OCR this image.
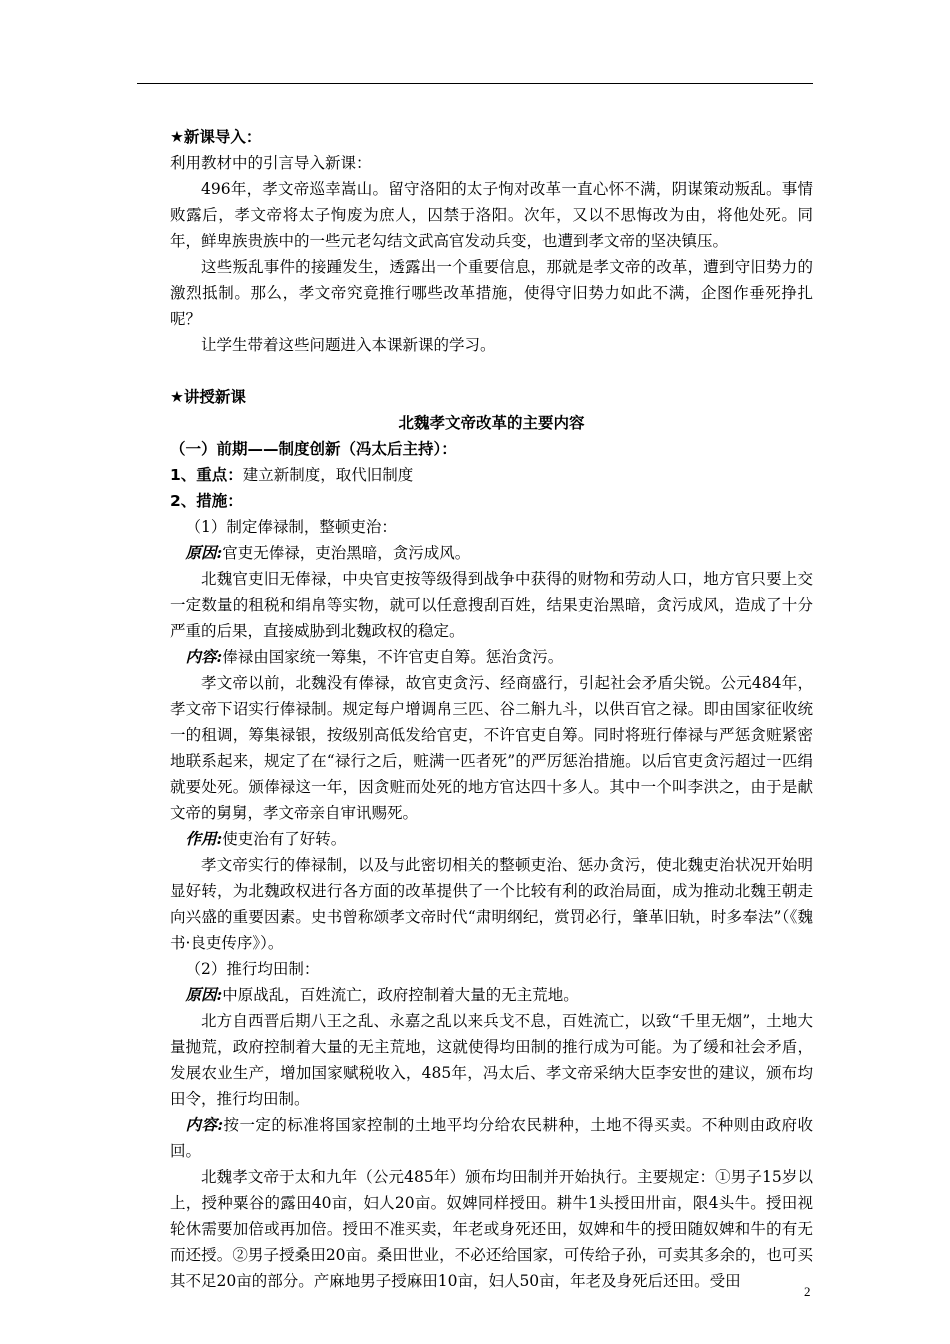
★新课导入：

利用教材中的引言导入新课：

496年，孝文帝巡幸嵩山。留守洛阳的太子恂对改革一直心怀不满，阴谋策动叛乱。事情败露后，孝文帝将太子恂废为庶人，囚禁于洛阳。次年，又以不思悔改为由，将他处死。同年，鲜卑族贵族中的一些元老勾结文武高官发动兵变，也遭到孝文帝的坚决镇压。

这些叛乱事件的接踵发生，透露出一个重要信息，那就是孝文帝的改革，遭到守旧势力的激烈抵制。那么，孝文帝究竟推行哪些改革措施，使得守旧势力如此不满，企图作垂死挣扎呢？

让学生带着这些问题进入本课新课的学习。

★讲授新课

北魏孝文帝改革的主要内容

（一）前期——制度创新（冯太后主持）：

1、重点：建立新制度，取代旧制度

2、措施：

（1）制定俸禄制，整顿吏治：

原因:官吏无俸禄，吏治黑暗，贪污成风。

北魏官吏旧无俸禄，中央官吏按等级得到战争中获得的财物和劳动人口，地方官只要上交一定数量的租税和绢帛等实物，就可以任意搜刮百姓，结果吏治黑暗，贪污成风，造成了十分严重的后果，直接威胁到北魏政权的稳定。

内容:俸禄由国家统一筹集，不许官吏自筹。惩治贪污。

孝文帝以前，北魏没有俸禄，故官吏贪污、经商盛行，引起社会矛盾尖锐。公元484年，孝文帝下诏实行俸禄制。规定每户增调帛三匹、谷二斛九斗，以供百官之禄。即由国家征收统一的租调，筹集禄银，按级别高低发给官吏，不许官吏自筹。同时将班行俸禄与严惩贪赃紧密地联系起来，规定了在“禄行之后，赃满一匹者死”的严厉惩治措施。以后官吏贪污超过一匹绢就要处死。颁俸禄这一年，因贪赃而处死的地方官达四十多人。其中一个叫李洪之，由于是献文帝的舅舅，孝文帝亲自审讯赐死。

作用:使吏治有了好转。

孝文帝实行的俸禄制，以及与此密切相关的整顿吏治、惩办贪污，使北魏吏治状况开始明显好转，为北魏政权进行各方面的改革提供了一个比较有利的政治局面，成为推动北魏王朝走向兴盛的重要因素。史书曾称颂孝文帝时代“肃明纲纪，赏罚必行，肇革旧轨，时多奉法”（《魏书·良吏传序》）。

（2）推行均田制：

原因:中原战乱，百姓流亡，政府控制着大量的无主荒地。

北方自西晋后期八王之乱、永嘉之乱以来兵戈不息，百姓流亡，以致“千里无烟”，土地大量抛荒，政府控制着大量的无主荒地，这就使得均田制的推行成为可能。为了缓和社会矛盾，发展农业生产，增加国家赋税收入，485年，冯太后、孝文帝采纳大臣李安世的建议，颁布均田令，推行均田制。

内容:按一定的标准将国家控制的土地平均分给农民耕种，土地不得买卖。不种则由政府收回。

北魏孝文帝于太和九年（公元485年）颁布均田制并开始执行。主要规定：①男子15岁以上，授种粟谷的露田40亩，妇人20亩。奴婢同样授田。耕牛1头授田卅亩，限4头牛。授田视轮休需要加倍或再加倍。授田不准买卖，年老或身死还田，奴婢和牛的授田随奴婢和牛的有无而还授。②男子授桑田20亩。桑田世业，不必还给国家，可传给子孙，可卖其多余的，也可买其不足20亩的部分。产麻地男子授麻田10亩，妇人50亩，年老及身死后还田。受田

2
